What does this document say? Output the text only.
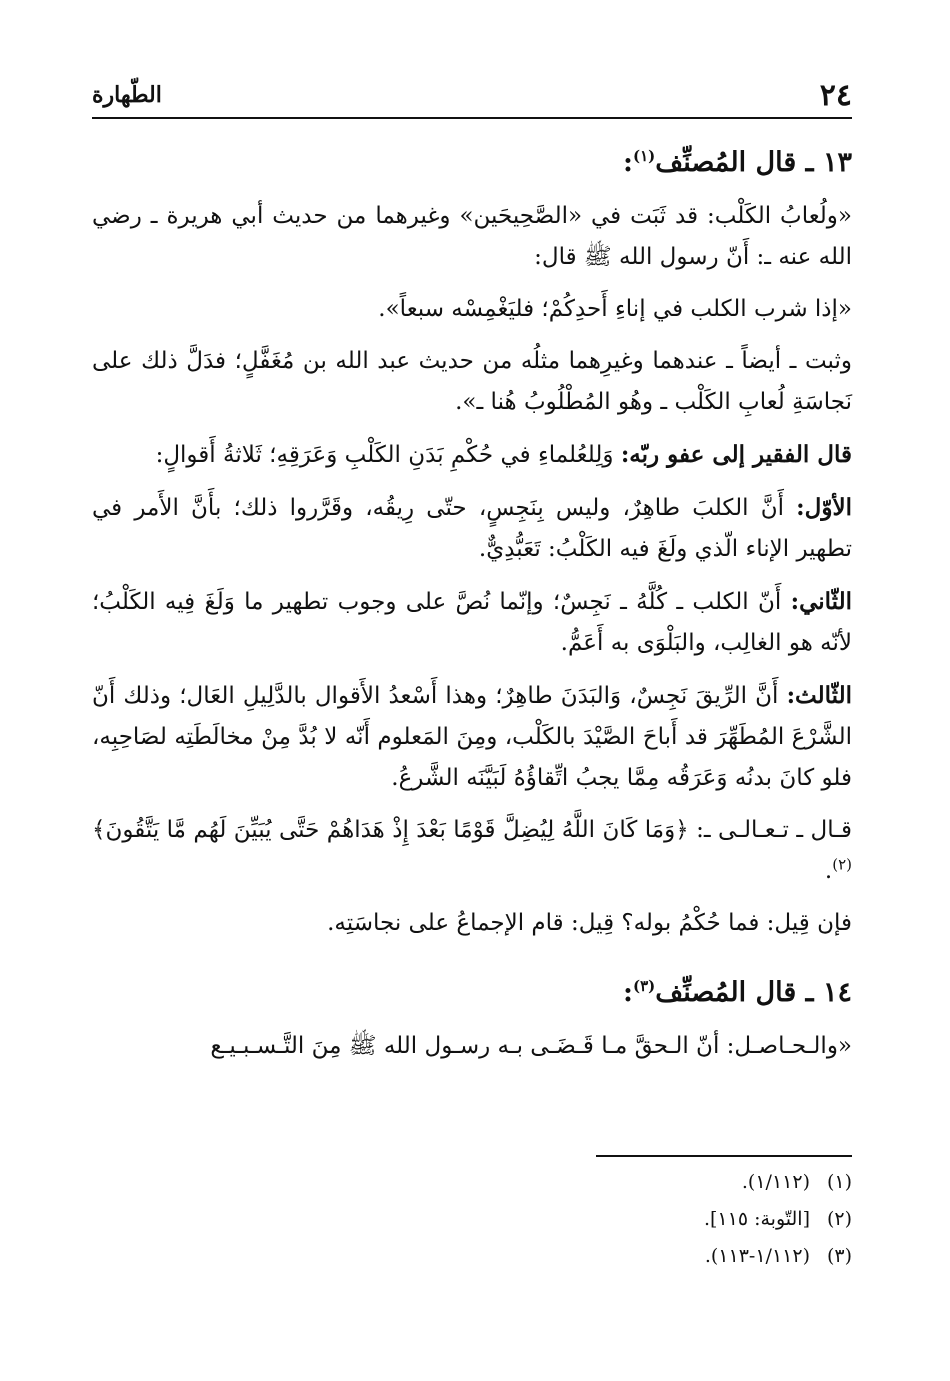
٢٤
الطّهارة
١٣ ـ قال المُصنِّف$^{(١)}$:

«ولُعابُ الكَلْب: قد ثَبَت في «الصَّحِيحَين» وغيرهما من حديث أبي هريرة ـ رضي الله عنه ـ: أَنّ رسول الله ﷺ قال:

«إذا شرب الكلب في إناءِ أَحدِكُمْ؛ فليَغْمِسْه سبعاً».

وثبت ـ أيضاً ـ عندهما وغيرِهما مثلُه من حديث عبد الله بن مُغَفَّلٍ؛ فدَلَّ ذلك على نَجاسَةِ لُعابِ الكَلْب ـ وهُو المُطْلُوبُ هُنا ـ».

قال الفقير إلى عفو ربّه: وَلِلعُلماءِ في حُكْمِ بَدَنِ الكَلْبِ وَعَرَقِهِ؛ ثَلاثةُ أَقوالٍ:

الأوّل: أَنَّ الكلبَ طاهِرٌ، وليس بِنَجِسٍ، حتّى رِيقُه، وقَرَّروا ذلك؛ بأَنَّ الأَمر في تطهير الإناء الّذي ولَغَ فيه الكَلْبُ: تَعَبُّدِيٌّ.

الثّاني: أَنّ الكلب ـ كُلَّهُ ـ نَجِسٌ؛ وإنّما نُصَّ على وجوب تطهير ما وَلَغَ فِيه الكَلْبُ؛ لأنّه هو الغالِب، والبَلْوَى به أَعَمُّ.

الثّالث: أَنَّ الرِّيقَ نَجِسٌ، وَالبَدَنَ طاهِرٌ؛ وهذا أَسْعدُ الأَقوال بالدَّلِيلِ العَال؛ وذلك أَنّ الشَّرْعَ المُطَهِّرَ قد أَباحَ الصَّيْدَ بالكَلْب، ومِنَ المَعلوم أَنّه لا بُدَّ مِنْ مخالَطَتِه لصَاحِبِه، فلو كانَ بدنُه وَعَرَقُه مِمَّا يجبُ اتِّقاؤُهُ لَبَيَّنَه الشَّرعُ.

قـال ـ تـعـالـى ـ: ﴿وَمَا كَانَ اللَّهُ لِيُضِلَّ قَوْمًا بَعْدَ إِذْ هَدَاهُمْ حَتَّى يُبَيِّنَ لَهُم مَّا يَتَّقُونَ﴾$^{(٢)}$.

فإن قِيل: فما حُكْمُ بوله؟ قِيل: قام الإجماعُ على نجاسَتِه.

١٤ ـ قال المُصنِّف$^{(٣)}$:

«والـحـاصـل: أنّ الـحقَّ مـا قَـضَـى بـه رسـول الله ﷺ مِنَ التَّـسـبـيـع

(١)(١/١١٢).
(٢)[التّوبة: ١١٥].
(٣)(١/١١٢-١١٣).
